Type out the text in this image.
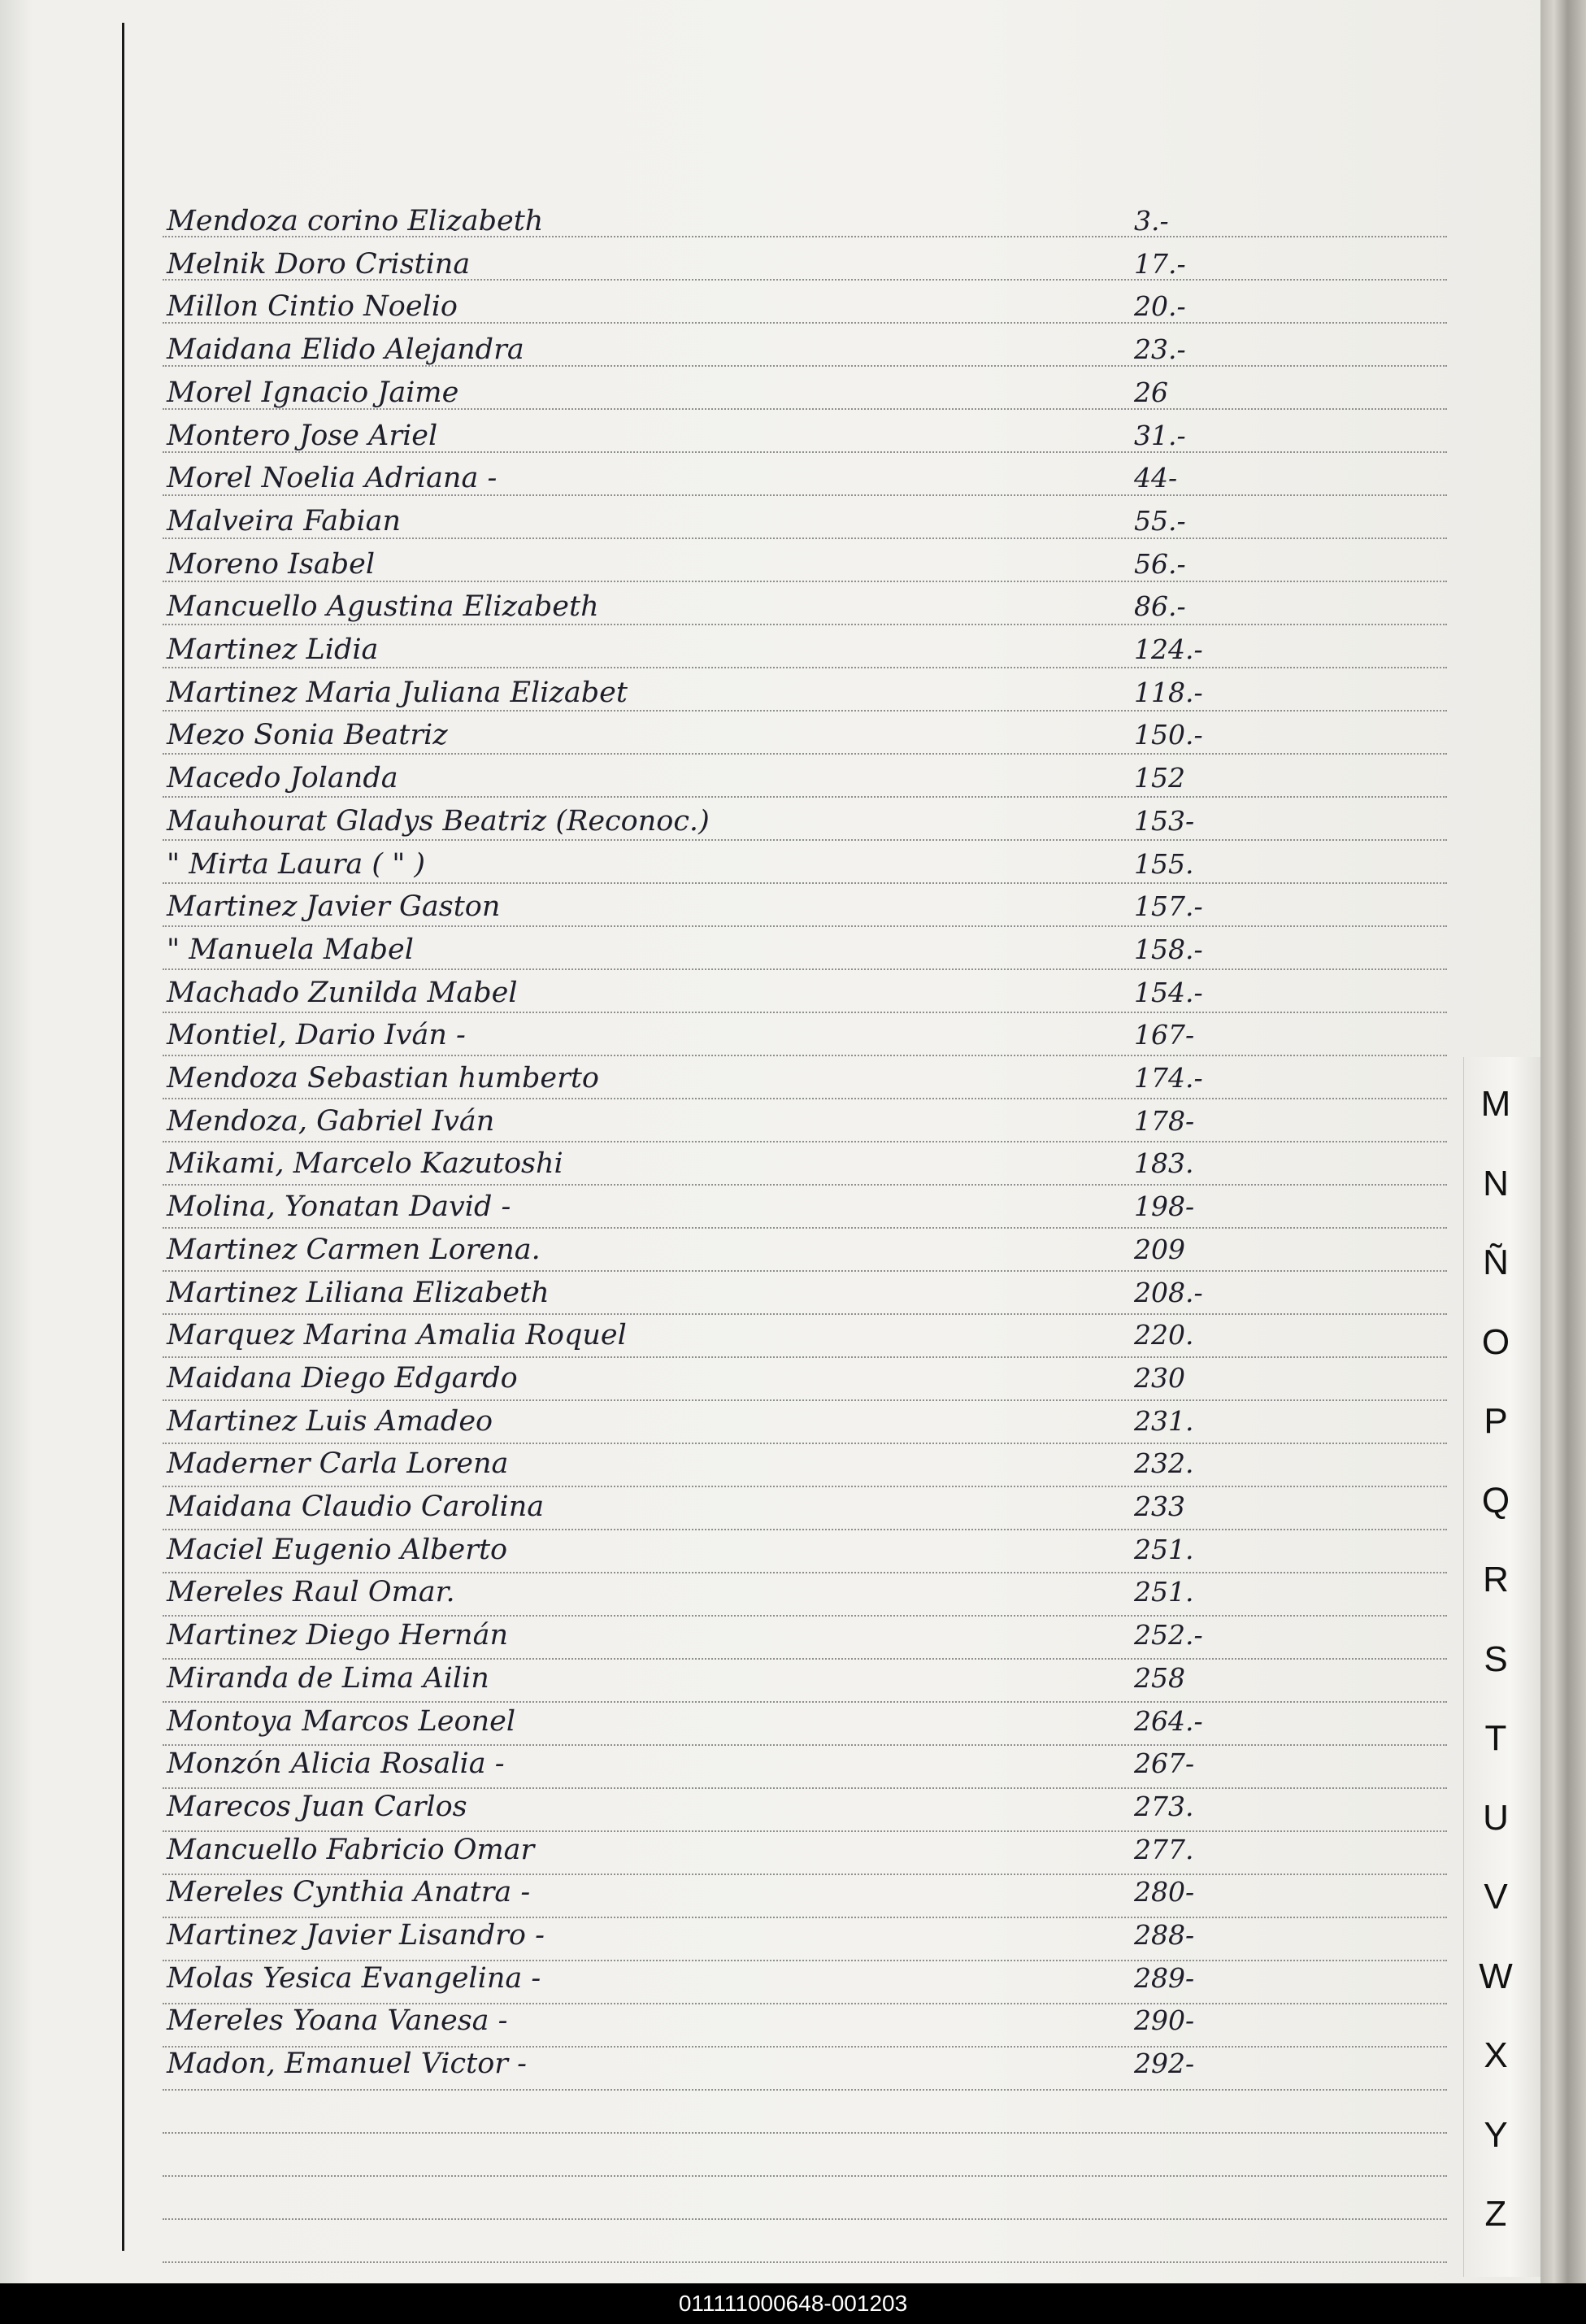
Mendoza corino Elizabeth	3.-
Melnik Doro Cristina	17.-
Millon Cintio Noelio	20.-
Maidana Elido Alejandra	23.-
Morel Ignacio Jaime	26
Montero Jose Ariel	31.-
Morel Noelia Adriana -	44-
Malveira Fabian	55.-
Moreno Isabel	56.-
Mancuello Agustina Elizabeth	86.-
Martinez Lidia	124.-
Martinez Maria Juliana Elizabet	118.-
Mezo Sonia Beatriz	150.-
Macedo Jolanda	152
Mauhourat Gladys Beatriz (Reconoc.)	153-
" Mirta Laura ( " )	155.
Martinez Javier Gaston	157.-
" Manuela Mabel	158.-
Machado Zunilda Mabel	154.-
Montiel, Dario Iván -	167-
Mendoza Sebastian humberto	174.-
Mendoza, Gabriel Iván	178-
Mikami, Marcelo Kazutoshi	183.
Molina, Yonatan David -	198-
Martinez Carmen Lorena.	209
Martinez Liliana Elizabeth	208.-
Marquez Marina Amalia Roquel	220.
Maidana Diego Edgardo	230
Martinez Luis Amadeo	231.
Maderner Carla Lorena	232.
Maidana Claudio Carolina	233
Maciel Eugenio Alberto	251.
Mereles Raul Omar.	251.
Martinez Diego Hernán	252.-
Miranda de Lima Ailin	258
Montoya Marcos Leonel	264.-
Monzón Alicia Rosalia -	267-
Marecos Juan Carlos	273.
Mancuello Fabricio Omar	277.
Mereles Cynthia Anatra -	280-
Martinez Javier Lisandro -	288-
Molas Yesica Evangelina -	289-
Mereles Yoana Vanesa -	290-
Madon, Emanuel Victor -	292-
M
N
Ñ
O
P
Q
R
S
T
U
V
W
X
Y
Z
011111000648-001203
